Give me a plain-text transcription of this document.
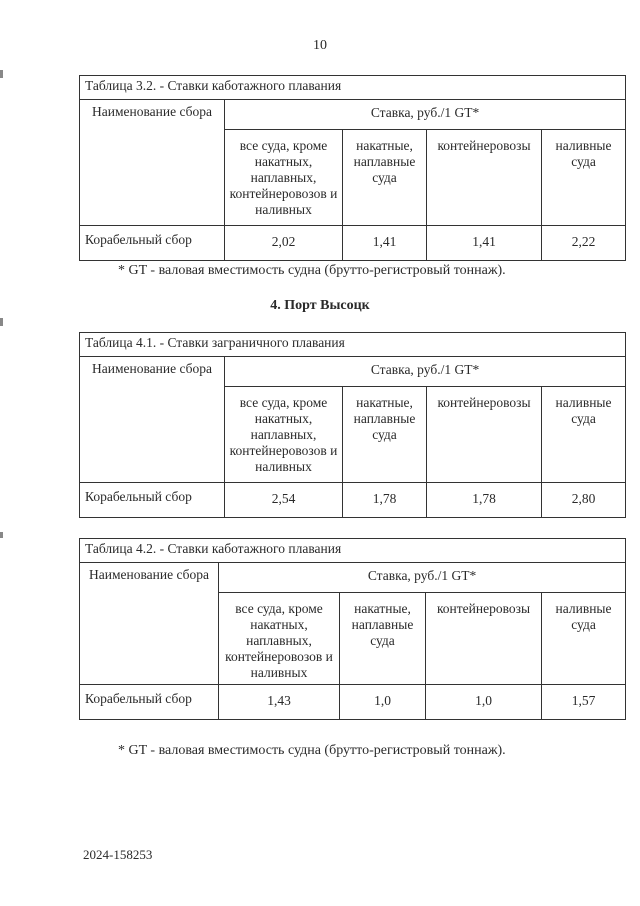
10
Таблица 3.2. - Ставки каботажного плавания				
Наименование сбора	Ставка, руб./1 GT*			
	все суда, кроме накатных, наплавных, контейнеровозов и наливных	накатные, наплавные суда	контейнеровозы	наливные суда
Корабельный сбор	2,02	1,41	1,41	2,22
* GT - валовая вместимость судна (брутто-регистровый тоннаж).
4. Порт Высоцк
Таблица 4.1. - Ставки заграничного плавания				
Наименование сбора	Ставка, руб./1 GT*			
	все суда, кроме накатных, наплавных, контейнеровозов и наливных	накатные, наплавные суда	контейнеровозы	наливные суда
Корабельный сбор	2,54	1,78	1,78	2,80
Таблица 4.2. - Ставки каботажного плавания				
Наименование сбора	Ставка, руб./1 GT*			
	все суда, кроме накатных, наплавных, контейнеровозов и наливных	накатные, наплавные суда	контейнеровозы	наливные суда
Корабельный сбор	1,43	1,0	1,0	1,57
* GT - валовая вместимость судна (брутто-регистровый тоннаж).
2024-158253
